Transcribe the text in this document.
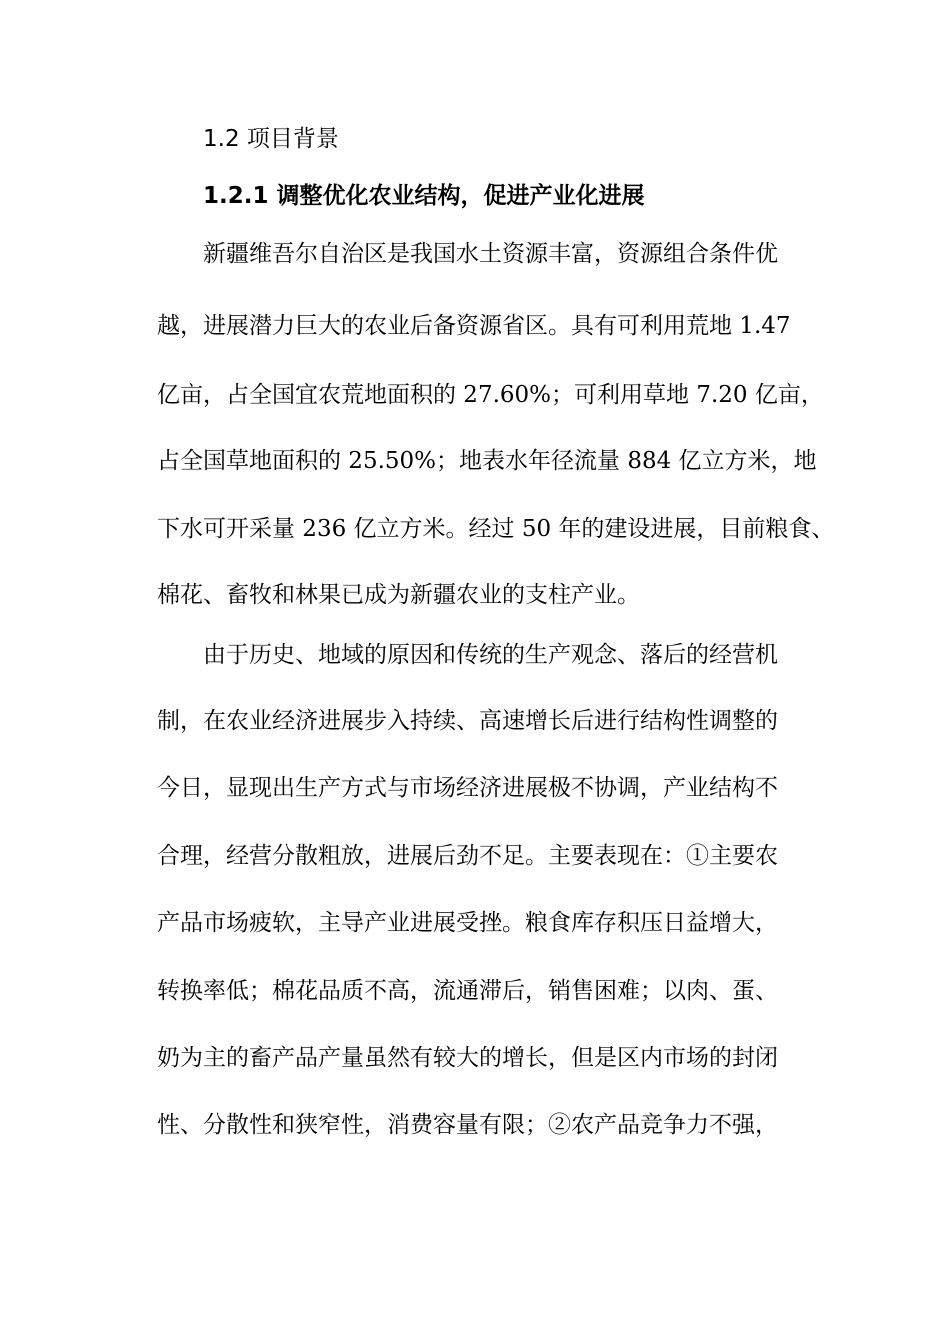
1.2 项目背景
1.2.1 调整优化农业结构，促进产业化进展
新疆维吾尔自治区是我国水土资源丰富，资源组合条件优
越，进展潜力巨大的农业后备资源省区。具有可利用荒地 1.47
亿亩，占全国宜农荒地面积的 27.60%；可利用草地 7.20 亿亩，
占全国草地面积的 25.50%；地表水年径流量 884 亿立方米，地
下水可开采量 236 亿立方米。经过 50 年的建设进展，目前粮食、
棉花、畜牧和林果已成为新疆农业的支柱产业。
由于历史、地域的原因和传统的生产观念、落后的经营机
制，在农业经济进展步入持续、高速增长后进行结构性调整的
今日，显现出生产方式与市场经济进展极不协调，产业结构不
合理，经营分散粗放，进展后劲不足。主要表现在：①主要农
产品市场疲软，主导产业进展受挫。粮食库存积压日益增大，
转换率低；棉花品质不高，流通滞后，销售困难；以肉、蛋、
奶为主的畜产品产量虽然有较大的增长，但是区内市场的封闭
性、分散性和狭窄性，消费容量有限；②农产品竞争力不强，
